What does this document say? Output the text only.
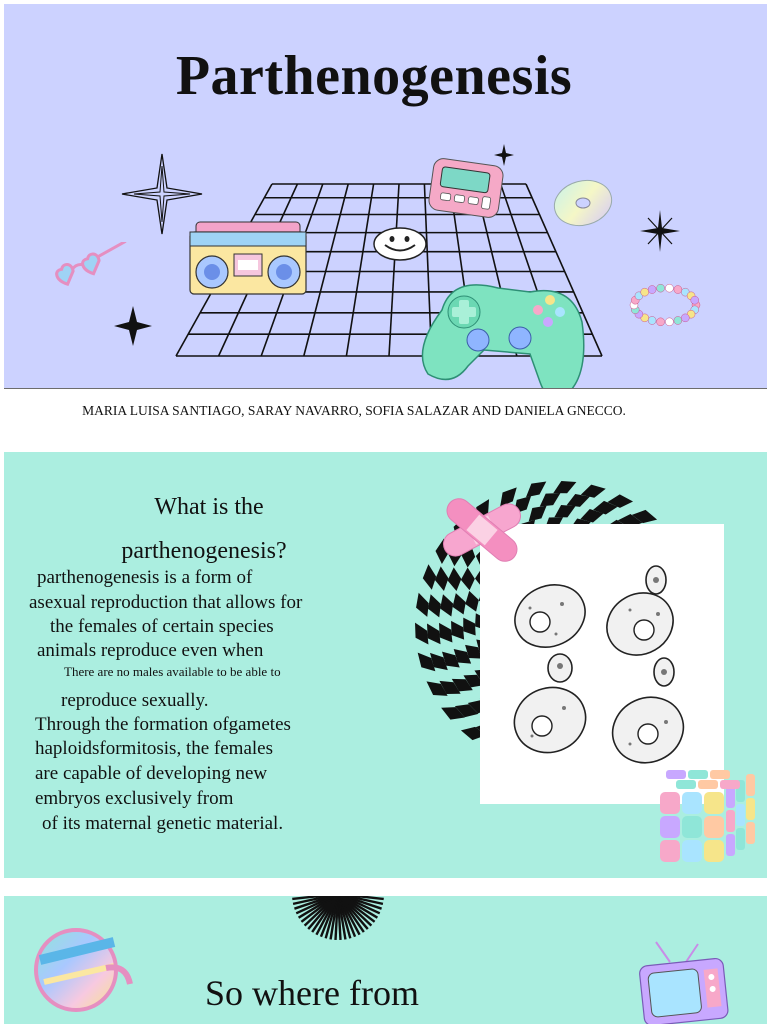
Parthenogenesis
MARIA LUISA SANTIAGO, SARAY NAVARRO, SOFIA SALAZAR AND DANIELA GNECCO.
What is the
parthenogenesis?
parthenogenesis is a form of
asexual reproduction that allows for
the females of certain species
animals reproduce even when
There are no males available to be able to
reproduce sexually.
Through the formation ofgametes
haploidsformitosis, the females
are capable of developing new
embryos exclusively from
of its maternal genetic material.
So where from
